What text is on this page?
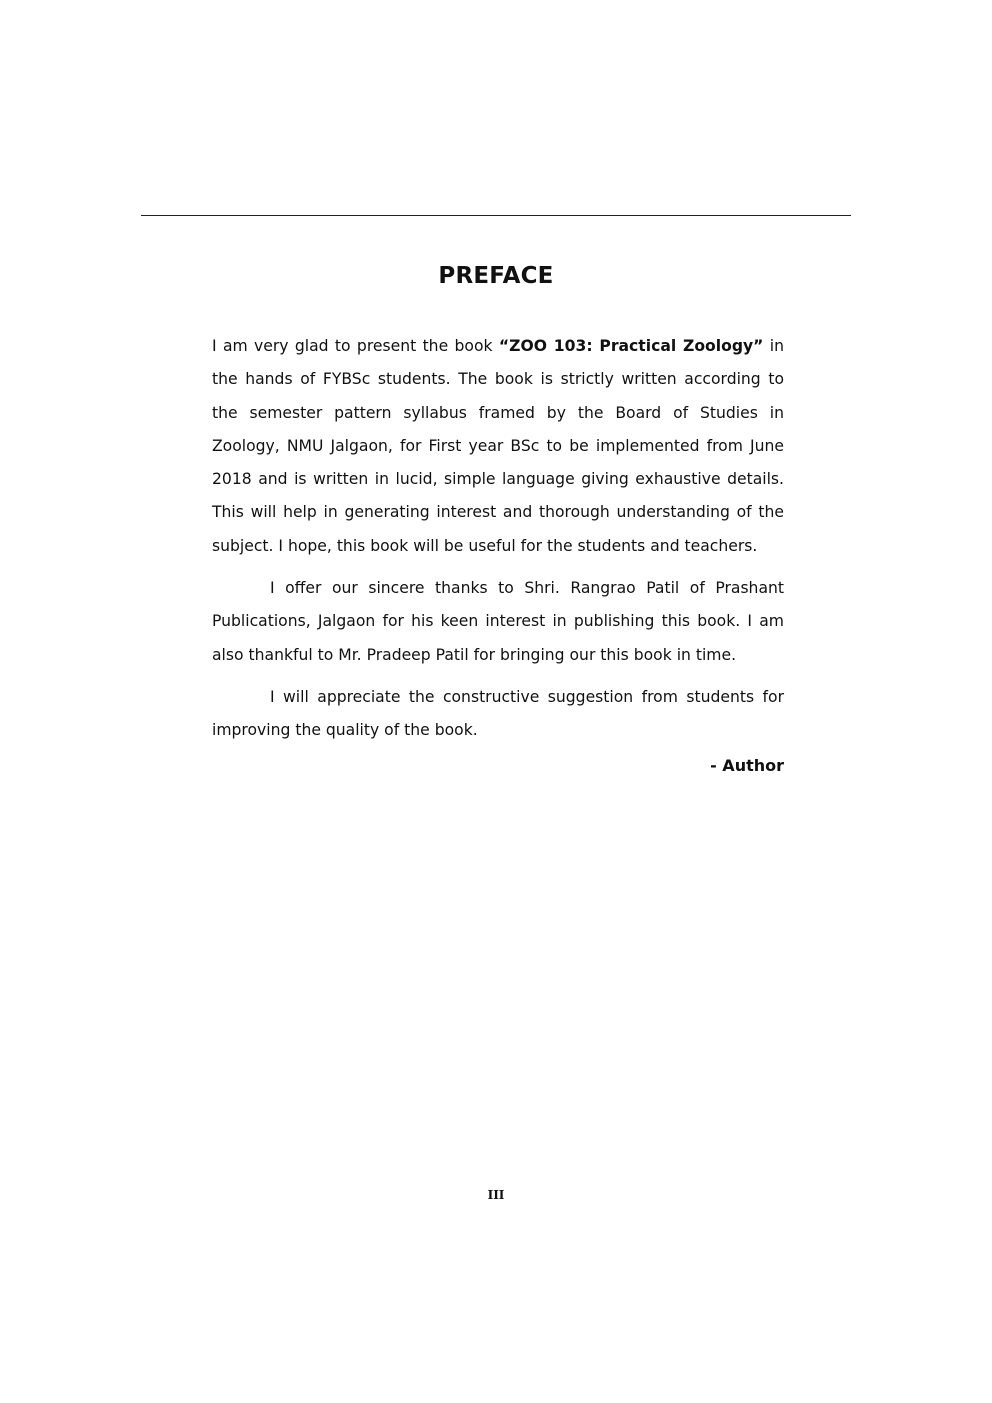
PREFACE

I am very glad to present the book “ZOO 103: Practical Zoology” in the hands of FYBSc students. The book is strictly written according to the semester pattern syllabus framed by the Board of Studies in Zoology, NMU Jalgaon, for First year BSc to be implemented from June 2018 and is written in lucid, simple language giving exhaustive details. This will help in generating interest and thorough understanding of the subject. I hope, this book will be useful for the students and teachers.

I offer our sincere thanks to Shri. Rangrao Patil of Prashant Publications, Jalgaon for his keen interest in publishing this book. I am also thankful to Mr. Pradeep Patil for bringing our this book in time.

I will appreciate the constructive suggestion from students for improving the quality of the book.

- Author
III
